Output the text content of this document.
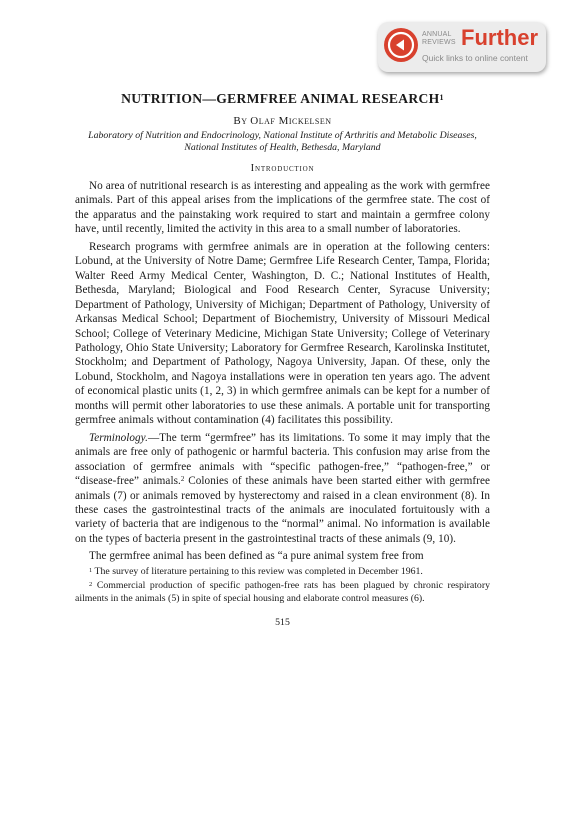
ANNUAL
REVIEWS Further
Quick links to online content
NUTRITION—GERMFREE ANIMAL RESEARCH$^1$
By Olaf Mickelsen
Laboratory of Nutrition and Endocrinology, National Institute of Arthritis and Metabolic Diseases, National Institutes of Health, Bethesda, Maryland
Introduction

No area of nutritional research is as interesting and appealing as the work with germfree animals. Part of this appeal arises from the implications of the germfree state. The cost of the apparatus and the painstaking work required to start and maintain a germfree colony have, until recently, limited the activity in this area to a small number of laboratories.

Research programs with germfree animals are in operation at the following centers: Lobund, at the University of Notre Dame; Germfree Life Research Center, Tampa, Florida; Walter Reed Army Medical Center, Washington, D. C.; National Institutes of Health, Bethesda, Maryland; Biological and Food Research Center, Syracuse University; Department of Pathology, University of Michigan; Department of Pathology, University of Arkansas Medical School; Department of Biochemistry, University of Missouri Medical School; College of Veterinary Medicine, Michigan State University; College of Veterinary Pathology, Ohio State University; Laboratory for Germfree Research, Karolinska Institutet, Stockholm; and Department of Pathology, Nagoya University, Japan. Of these, only the Lobund, Stockholm, and Nagoya installations were in operation ten years ago. The advent of economical plastic units (1, 2, 3) in which germfree animals can be kept for a number of months will permit other laboratories to use these animals. A portable unit for transporting germfree animals without contamination (4) facilitates this possibility.

Terminology.—The term “germfree” has its limitations. To some it may imply that the animals are free only of pathogenic or harmful bacteria. This confusion may arise from the association of germfree animals with “specific pathogen-free,” “pathogen-free,” or “disease-free” animals.$^2$ Colonies of these animals have been started either with germfree animals (7) or animals removed by hysterectomy and raised in a clean environment (8). In these cases the gastrointestinal tracts of the animals are inoculated fortuitously with a variety of bacteria that are indigenous to the “normal” animal. No information is available on the types of bacteria present in the gastrointestinal tracts of these animals (9, 10).

The germfree animal has been defined as “a pure animal system free from

$^1$ The survey of literature pertaining to this review was completed in December 1961.

$^2$ Commercial production of specific pathogen-free rats has been plagued by chronic respiratory ailments in the animals (5) in spite of special housing and elaborate control measures (6).

515
